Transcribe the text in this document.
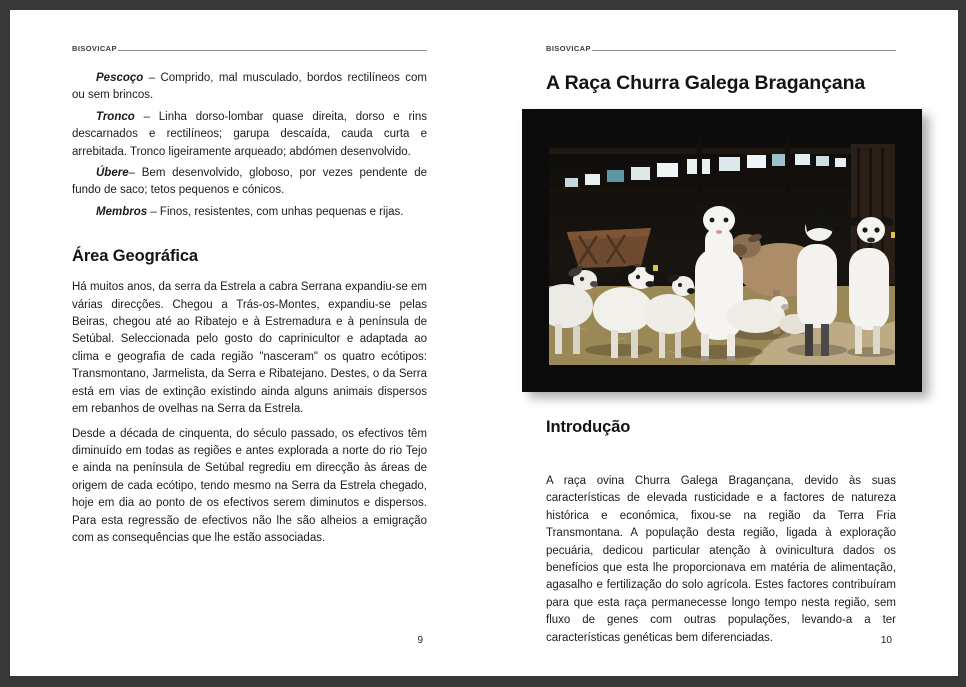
BISOVICAP

Pescoço – Comprido, mal musculado, bordos rectilíneos com ou sem brincos.

Tronco – Linha dorso-lombar quase direita, dorso e rins descarnados e rectilíneos; garupa descaída, cauda curta e arrebitada. Tronco ligeiramente arqueado; abdómen desenvolvido.

Úbere– Bem desenvolvido, globoso, por vezes pendente de fundo de saco; tetos pequenos e cónicos.

Membros – Finos, resistentes, com unhas pequenas e rijas.

Área Geográfica

Há muitos anos, da serra da Estrela a cabra Serrana expandiu-se em várias direcções. Chegou a Trás-os-Montes, expandiu-se pelas Beiras, chegou até ao Ribatejo e à Estremadura e à península de Setúbal. Seleccionada pelo gosto do caprinicultor e adaptada ao clima e geografia de cada região "nasceram" os quatro ecótipos: Transmontano, Jarmelista, da Serra e Ribatejano. Destes, o da Serra está em vias de extinção existindo ainda alguns animais dispersos em rebanhos de ovelhas na Serra da Estrela.

Desde a década de cinquenta, do século passado, os efectivos têm diminuído em todas as regiões e antes explorada a norte do rio Tejo e ainda na península de Setúbal regrediu em direcção às áreas de origem de cada ecótipo, tendo mesmo na Serra da Estrela chegado, hoje em dia ao ponto de os efectivos serem diminutos e dispersos. Para esta regressão de efectivos não lhe são alheios a emigração com as consequências que lhe estão associadas.

9
BISOVICAP
A Raça Churra Galega Bragançana
Introdução

A raça ovina Churra Galega Bragançana, devido às suas características de elevada rusticidade e a factores de natureza histórica e económica, fixou-se na região da Terra Fria Transmontana. A população desta região, ligada à exploração pecuária, dedicou particular atenção à ovinicultura dados os benefícios que esta lhe proporcionava em matéria de alimentação, agasalho e fertilização do solo agrícola. Estes factores contribuíram para que esta raça permanecesse longo tempo nesta região, sem fluxo de genes com outras populações, levando-a a ter características genéticas bem diferenciadas.	10
